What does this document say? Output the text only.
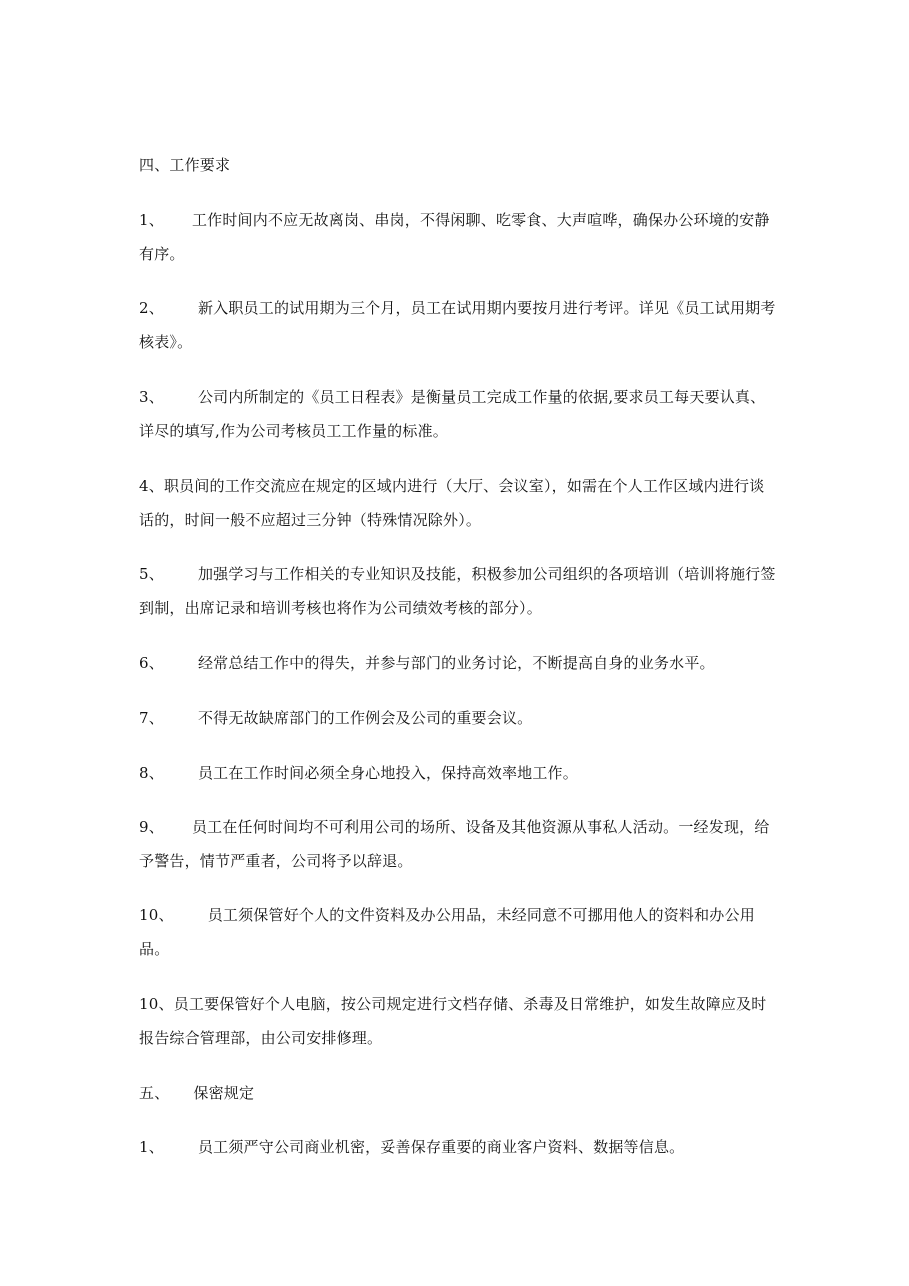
四、工作要求
1、 工作时间内不应无故离岗、串岗，不得闲聊、吃零食、大声喧哗，确保办公环境的安静有序。
2、 新入职员工的试用期为三个月，员工在试用期内要按月进行考评。详见《员工试用期考核表》。
3、 公司内所制定的《员工日程表》是衡量员工完成工作量的依据,要求员工每天要认真、详尽的填写,作为公司考核员工工作量的标准。
4、职员间的工作交流应在规定的区域内进行（大厅、会议室），如需在个人工作区域内进行谈话的，时间一般不应超过三分钟（特殊情况除外）。
5、 加强学习与工作相关的专业知识及技能，积极参加公司组织的各项培训（培训将施行签到制，出席记录和培训考核也将作为公司绩效考核的部分）。
6、 经常总结工作中的得失，并参与部门的业务讨论，不断提高自身的业务水平。
7、 不得无故缺席部门的工作例会及公司的重要会议。
8、 员工在工作时间必须全身心地投入，保持高效率地工作。
9、 员工在任何时间均不可利用公司的场所、设备及其他资源从事私人活动。一经发现，给予警告，情节严重者，公司将予以辞退。
10、 员工须保管好个人的文件资料及办公用品，未经同意不可挪用他人的资料和办公用品。
10、员工要保管好个人电脑，按公司规定进行文档存储、杀毒及日常维护，如发生故障应及时报告综合管理部，由公司安排修理。
五、 保密规定
1、 员工须严守公司商业机密，妥善保存重要的商业客户资料、数据等信息。
